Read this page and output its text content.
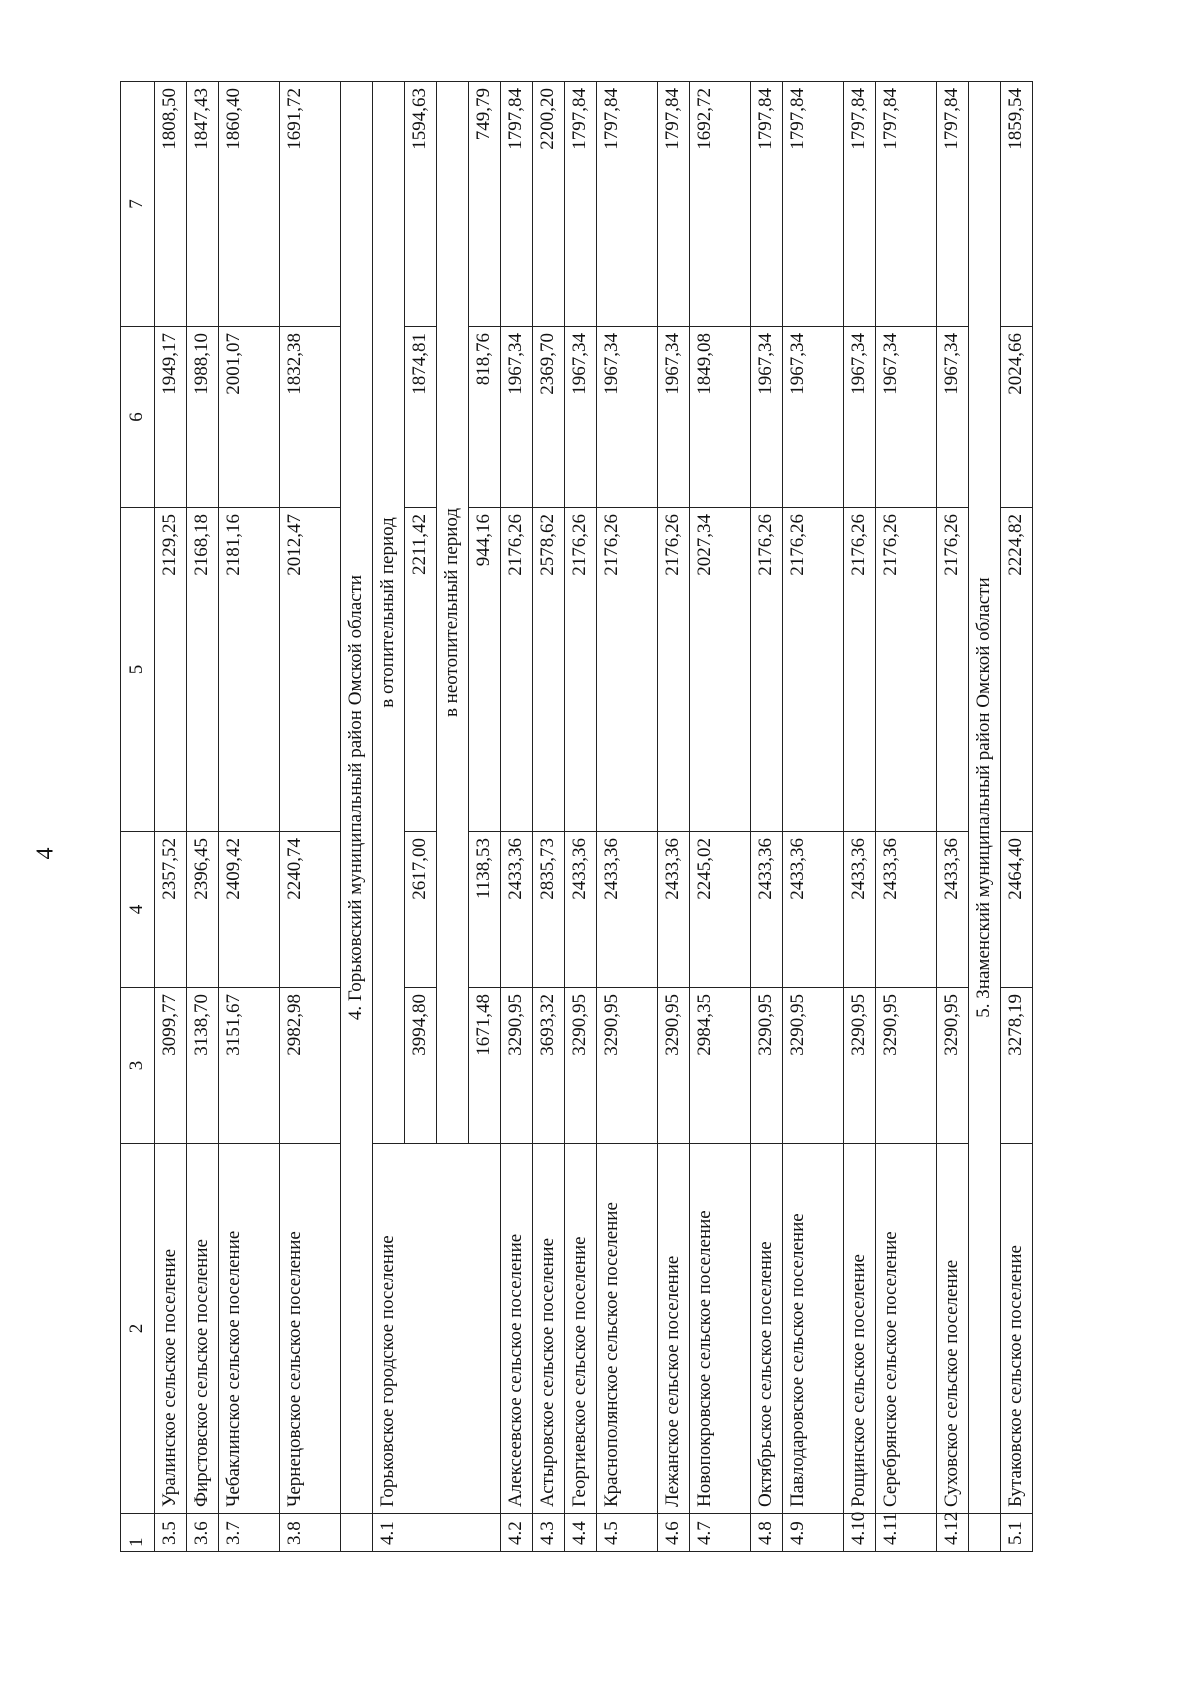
4
1	2	3	4	5	6	7
3.5	Уралинское сельское поселение	3099,77	2357,52	2129,25	1949,17	1808,50
3.6	Фирстовское сельское поселение	3138,70	2396,45	2168,18	1988,10	1847,43
3.7	Чебаклинское сельское поселение	3151,67	2409,42	2181,16	2001,07	1860,40
3.8	Чернецовское сельское поселение	2982,98	2240,74	2012,47	1832,38	1691,72
	4. Горьковский муниципальный район Омской области					
4.1	Горьковское городское поселение	в отопительный период				
		3994,80	2617,00	2211,42	1874,81	1594,63
		в неотопительный период				
		1671,48	1138,53	944,16	818,76	749,79
4.2	Алексеевское сельское поселение	3290,95	2433,36	2176,26	1967,34	1797,84
4.3	Астыровское сельское поселение	3693,32	2835,73	2578,62	2369,70	2200,20
4.4	Георгиевское сельское поселение	3290,95	2433,36	2176,26	1967,34	1797,84
4.5	Краснополянское сельское поселение	3290,95	2433,36	2176,26	1967,34	1797,84
4.6	Лежанское сельское поселение	3290,95	2433,36	2176,26	1967,34	1797,84
4.7	Новопокровское сельское поселение	2984,35	2245,02	2027,34	1849,08	1692,72
4.8	Октябрьское сельское поселение	3290,95	2433,36	2176,26	1967,34	1797,84
4.9	Павлодаровское сельское поселение	3290,95	2433,36	2176,26	1967,34	1797,84
4.10	Рощинское сельское поселение	3290,95	2433,36	2176,26	1967,34	1797,84
4.11	Серебрянское сельское поселение	3290,95	2433,36	2176,26	1967,34	1797,84
4.12	Суховское сельское поселение	3290,95	2433,36	2176,26	1967,34	1797,84
	5. Знаменский муниципальный район Омской области					
5.1	Бутаковское сельское поселение	3278,19	2464,40	2224,82	2024,66	1859,54
